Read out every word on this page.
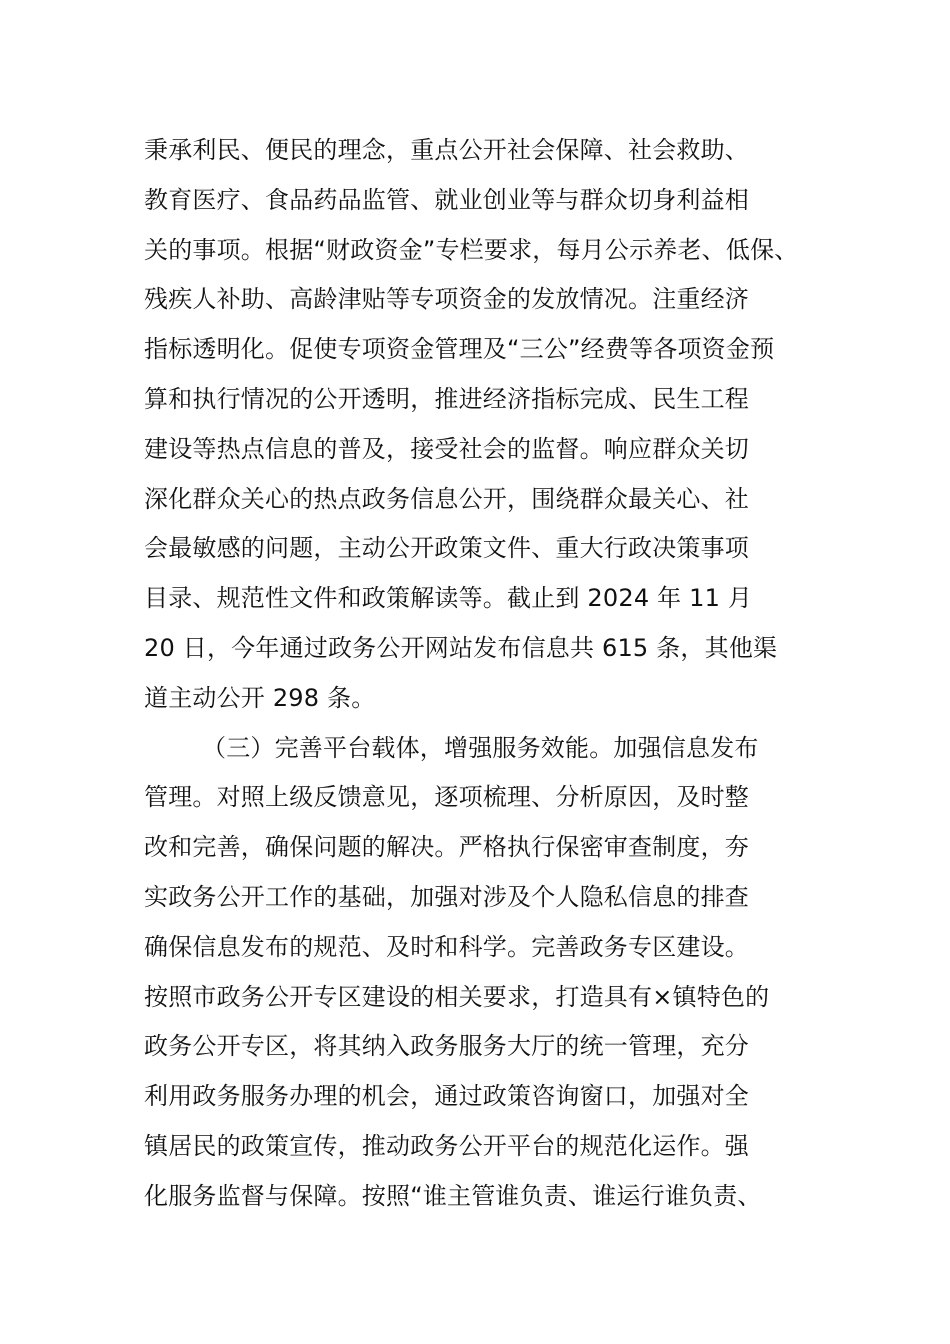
秉承利民、便民的理念，重点公开社会保障、社会救助、
教育医疗、食品药品监管、就业创业等与群众切身利益相
关的事项。根据“财政资金”专栏要求，每月公示养老、低保、
残疾人补助、高龄津贴等专项资金的发放情况。注重经济
指标透明化。促使专项资金管理及“三公”经费等各项资金预
算和执行情况的公开透明，推进经济指标完成、民生工程
建设等热点信息的普及，接受社会的监督。响应群众关切
深化群众关心的热点政务信息公开，围绕群众最关心、社
会最敏感的问题，主动公开政策文件、重大行政决策事项
目录、规范性文件和政策解读等。截止到 2024 年 11 月
20 日，今年通过政务公开网站发布信息共 615 条，其他渠
道主动公开 298 条。
（三）完善平台载体，增强服务效能。加强信息发布
管理。对照上级反馈意见，逐项梳理、分析原因，及时整
改和完善，确保问题的解决。严格执行保密审查制度，夯
实政务公开工作的基础，加强对涉及个人隐私信息的排查
确保信息发布的规范、及时和科学。完善政务专区建设。
按照市政务公开专区建设的相关要求，打造具有×镇特色的
政务公开专区，将其纳入政务服务大厅的统一管理，充分
利用政务服务办理的机会，通过政策咨询窗口，加强对全
镇居民的政策宣传，推动政务公开平台的规范化运作。强
化服务监督与保障。按照“谁主管谁负责、谁运行谁负责、
